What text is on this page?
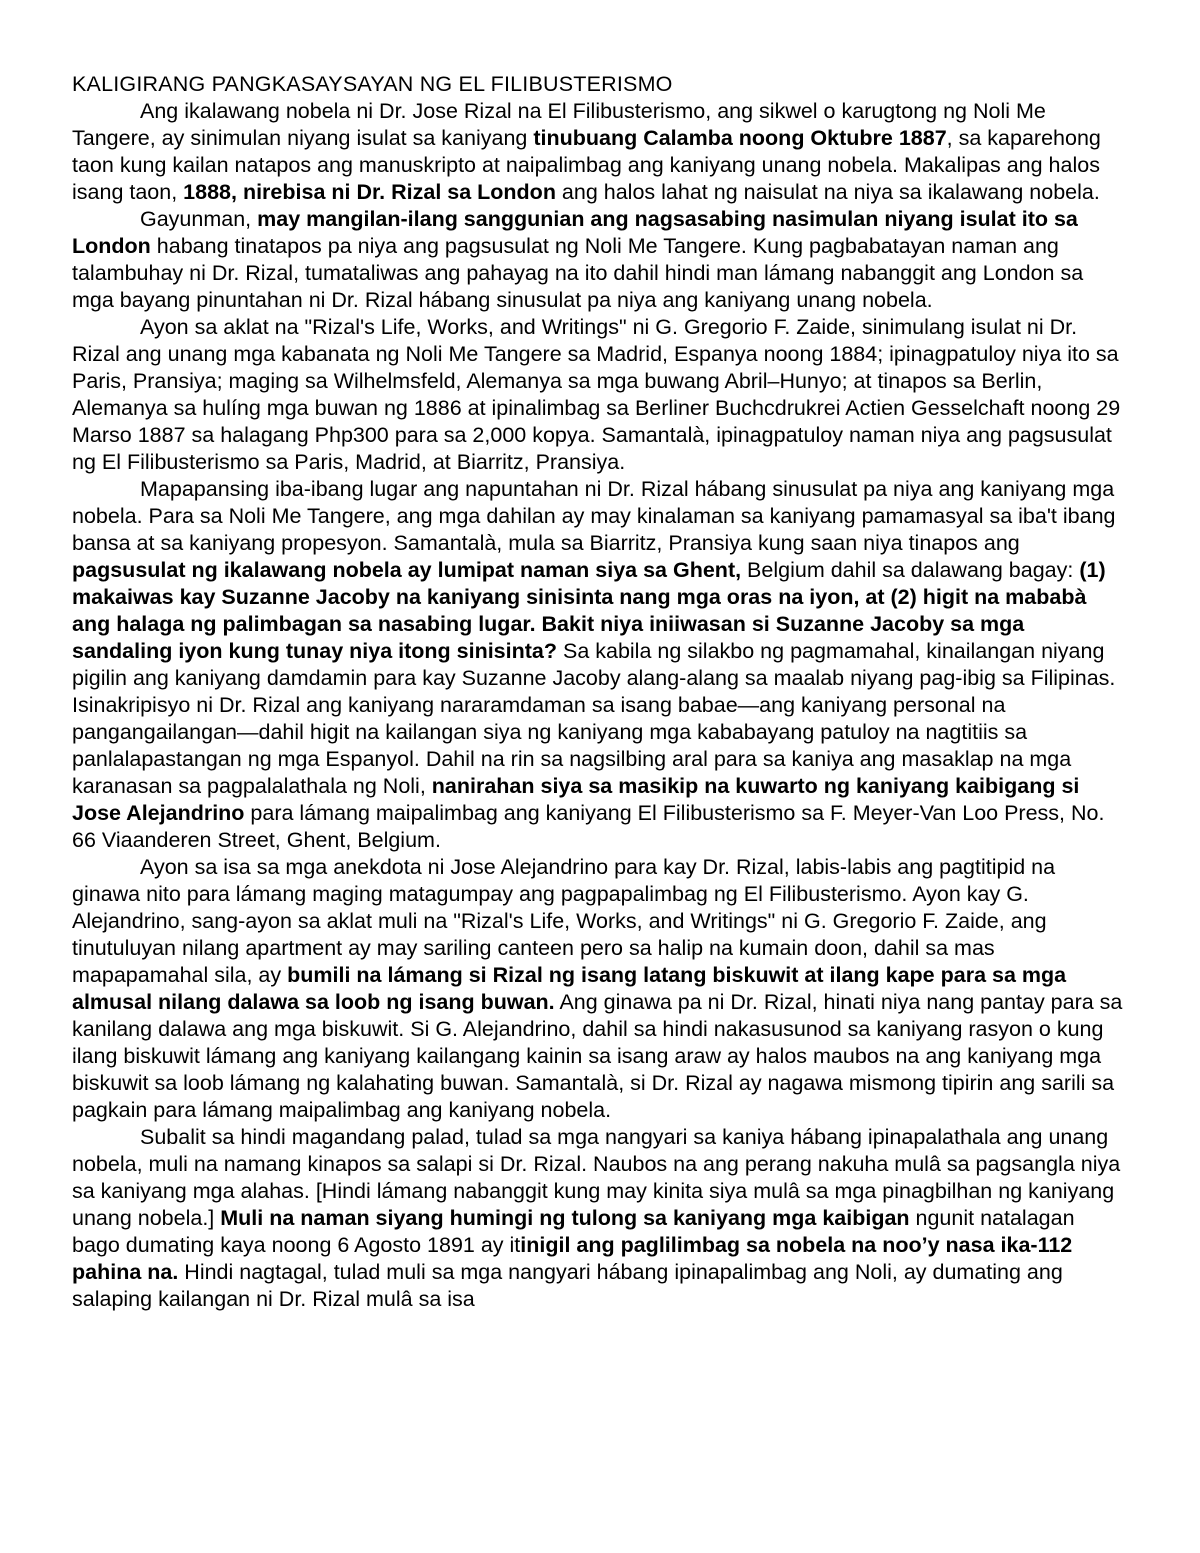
KALIGIRANG PANGKASAYSAYAN NG EL FILIBUSTERISMO

Ang ikalawang nobela ni Dr. Jose Rizal na El Filibusterismo, ang sikwel o karugtong ng Noli Me Tangere, ay sinimulan niyang isulat sa kaniyang tinubuang Calamba noong Oktubre 1887, sa kaparehong taon kung kailan natapos ang manuskripto at naipalimbag ang kaniyang unang nobela. Makalipas ang halos isang taon, 1888, nirebisa ni Dr. Rizal sa London ang halos lahat ng naisulat na niya sa ikalawang nobela.

Gayunman, may mangilan-ilang sanggunian ang nagsasabing nasimulan niyang isulat ito sa London habang tinatapos pa niya ang pagsusulat ng Noli Me Tangere. Kung pagbabatayan naman ang talambuhay ni Dr. Rizal, tumataliwas ang pahayag na ito dahil hindi man lámang nabanggit ang London sa mga bayang pinuntahan ni Dr. Rizal hábang sinusulat pa niya ang kaniyang unang nobela.

Ayon sa aklat na "Rizal's Life, Works, and Writings" ni G. Gregorio F. Zaide, sinimulang isulat ni Dr. Rizal ang unang mga kabanata ng Noli Me Tangere sa Madrid, Espanya noong 1884; ipinagpatuloy niya ito sa Paris, Pransiya; maging sa Wilhelmsfeld, Alemanya sa mga buwang Abril–Hunyo; at tinapos sa Berlin, Alemanya sa hulíng mga buwan ng 1886 at ipinalimbag sa Berliner Buchcdrukrei Actien Gesselchaft noong 29 Marso 1887 sa halagang Php300 para sa 2,000 kopya. Samantalà, ipinagpatuloy naman niya ang pagsusulat ng El Filibusterismo sa Paris, Madrid, at Biarritz, Pransiya.

Mapapansing iba-ibang lugar ang napuntahan ni Dr. Rizal hábang sinusulat pa niya ang kaniyang mga nobela. Para sa Noli Me Tangere, ang mga dahilan ay may kinalaman sa kaniyang pamamasyal sa iba't ibang bansa at sa kaniyang propesyon. Samantalà, mula sa Biarritz, Pransiya kung saan niya tinapos ang pagsusulat ng ikalawang nobela ay lumipat naman siya sa Ghent, Belgium dahil sa dalawang bagay: (1) makaiwas kay Suzanne Jacoby na kaniyang sinisinta nang mga oras na iyon, at (2) higit na mababà ang halaga ng palimbagan sa nasabing lugar. Bakit niya iniiwasan si Suzanne Jacoby sa mga sandaling iyon kung tunay niya itong sinisinta? Sa kabila ng silakbo ng pagmamahal, kinailangan niyang pigilin ang kaniyang damdamin para kay Suzanne Jacoby alang-alang sa maalab niyang pag-ibig sa Filipinas. Isinakripisyo ni Dr. Rizal ang kaniyang nararamdaman sa isang babae—ang kaniyang personal na pangangailangan—dahil higit na kailangan siya ng kaniyang mga kababayang patuloy na nagtitiis sa panlalapastangan ng mga Espanyol. Dahil na rin sa nagsilbing aral para sa kaniya ang masaklap na mga karanasan sa pagpalalathala ng Noli, nanirahan siya sa masikip na kuwarto ng kaniyang kaibigang si Jose Alejandrino para lámang maipalimbag ang kaniyang El Filibusterismo sa F. Meyer-Van Loo Press, No. 66 Viaanderen Street, Ghent, Belgium.

Ayon sa isa sa mga anekdota ni Jose Alejandrino para kay Dr. Rizal, labis-labis ang pagtitipid na ginawa nito para lámang maging matagumpay ang pagpapalimbag ng El Filibusterismo. Ayon kay G. Alejandrino, sang-ayon sa aklat muli na "Rizal's Life, Works, and Writings" ni G. Gregorio F. Zaide, ang tinutuluyan nilang apartment ay may sariling canteen pero sa halip na kumain doon, dahil sa mas mapapamahal sila, ay bumili na lámang si Rizal ng isang latang biskuwit at ilang kape para sa mga almusal nilang dalawa sa loob ng isang buwan. Ang ginawa pa ni Dr. Rizal, hinati niya nang pantay para sa kanilang dalawa ang mga biskuwit. Si G. Alejandrino, dahil sa hindi nakasusunod sa kaniyang rasyon o kung ilang biskuwit lámang ang kaniyang kailangang kainin sa isang araw ay halos maubos na ang kaniyang mga biskuwit sa loob lámang ng kalahating buwan. Samantalà, si Dr. Rizal ay nagawa mismong tipirin ang sarili sa pagkain para lámang maipalimbag ang kaniyang nobela.

Subalit sa hindi magandang palad, tulad sa mga nangyari sa kaniya hábang ipinapalathala ang unang nobela, muli na namang kinapos sa salapi si Dr. Rizal. Naubos na ang perang nakuha mulâ sa pagsangla niya sa kaniyang mga alahas. [Hindi lámang nabanggit kung may kinita siya mulâ sa mga pinagbilhan ng kaniyang unang nobela.] Muli na naman siyang humingi ng tulong sa kaniyang mga kaibigan ngunit natalagan bago dumating kaya noong 6 Agosto 1891 ay itinigil ang paglilimbag sa nobela na noo’y nasa ika-112 pahina na. Hindi nagtagal, tulad muli sa mga nangyari hábang ipinapalimbag ang Noli, ay dumating ang salaping kailangan ni Dr. Rizal mulâ sa isa
